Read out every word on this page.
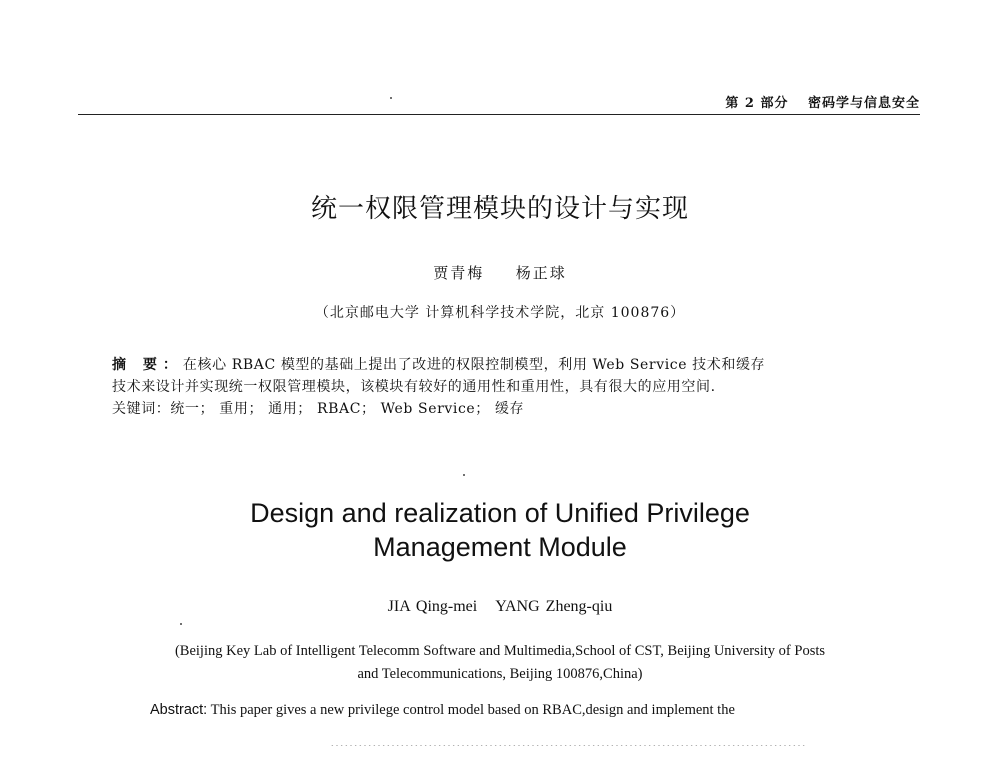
第 2 部分 密码学与信息安全
统一权限管理模块的设计与实现
贾青梅 杨正球
（北京邮电大学 计算机科学技术学院，北京 100876）

摘 要：在核心 RBAC 模型的基础上提出了改进的权限控制模型，利用 Web Service 技术和缓存

技术来设计并实现统一权限管理模块，该模块有较好的通用性和重用性，具有很大的应用空间.

关键词：统一； 重用； 通用； RBAC； Web Service； 缓存

Design and realization of Unified Privilege
Management Module
JIA Qing-mei YANG Zheng-qiu
(Beijing Key Lab of Intelligent Telecomm Software and Multimedia,School of CST, Beijing University of Posts
and Telecommunications, Beijing 100876,China)
Abstract: This paper gives a new privilege control model based on RBAC,design and implement the
…………………………………………………………………………………………
